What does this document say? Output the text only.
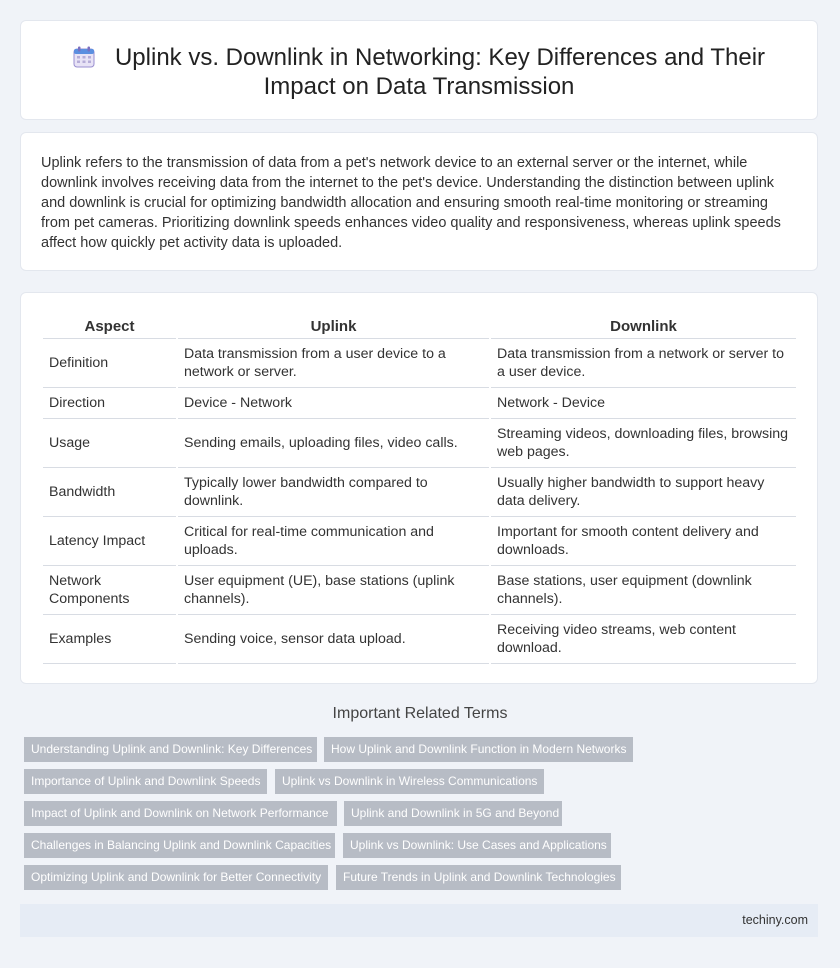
Uplink vs. Downlink in Networking: Key Differences and Their Impact on Data Transmission

Uplink refers to the transmission of data from a pet's network device to an external server or the internet, while downlink involves receiving data from the internet to the pet's device. Understanding the distinction between uplink and downlink is crucial for optimizing bandwidth allocation and ensuring smooth real-time monitoring or streaming from pet cameras. Prioritizing downlink speeds enhances video quality and responsiveness, whereas uplink speeds affect how quickly pet activity data is uploaded.

Aspect	Uplink	Downlink
Definition	Data transmission from a user device to a network or server.	Data transmission from a network or server to a user device.
Direction	Device - Network	Network - Device
Usage	Sending emails, uploading files, video calls.	Streaming videos, downloading files, browsing web pages.
Bandwidth	Typically lower bandwidth compared to downlink.	Usually higher bandwidth to support heavy data delivery.
Latency Impact	Critical for real-time communication and uploads.	Important for smooth content delivery and downloads.
Network Components	User equipment (UE), base stations (uplink channels).	Base stations, user equipment (downlink channels).
Examples	Sending voice, sensor data upload.	Receiving video streams, web content download.
Important Related Terms
Understanding Uplink and Downlink: Key Differences	How Uplink and Downlink Function in Modern Networks
Importance of Uplink and Downlink Speeds	Uplink vs Downlink in Wireless Communications
Impact of Uplink and Downlink on Network Performance	Uplink and Downlink in 5G and Beyond
Challenges in Balancing Uplink and Downlink Capacities	Uplink vs Downlink: Use Cases and Applications
Optimizing Uplink and Downlink for Better Connectivity	Future Trends in Uplink and Downlink Technologies
techiny.com
